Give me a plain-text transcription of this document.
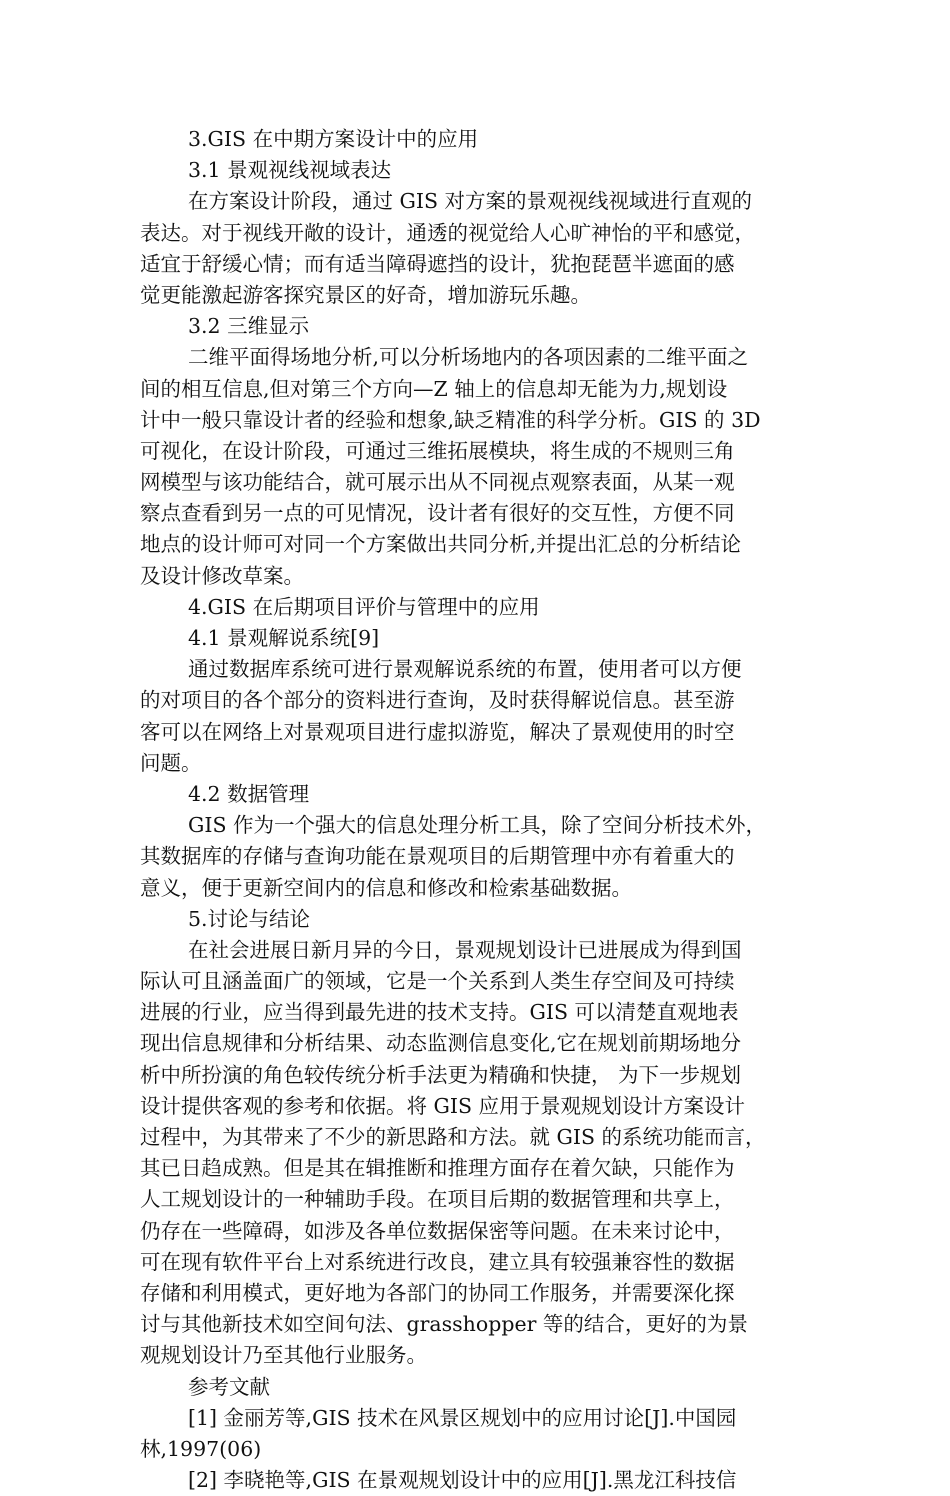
3.GIS 在中期方案设计中的应用
3.1 景观视线视域表达
在方案设计阶段，通过 GIS 对方案的景观视线视域进行直观的
表达。对于视线开敞的设计，通透的视觉给人心旷神怡的平和感觉，
适宜于舒缓心情；而有适当障碍遮挡的设计，犹抱琵琶半遮面的感
觉更能激起游客探究景区的好奇，增加游玩乐趣。
3.2 三维显示
二维平面得场地分析,可以分析场地内的各项因素的二维平面之
间的相互信息,但对第三个方向—Z 轴上的信息却无能为力,规划设
计中一般只靠设计者的经验和想象,缺乏精准的科学分析。GIS 的 3D
可视化，在设计阶段，可通过三维拓展模块，将生成的不规则三角
网模型与该功能结合，就可展示出从不同视点观察表面，从某一观
察点查看到另一点的可见情况，设计者有很好的交互性，方便不同
地点的设计师可对同一个方案做出共同分析,并提出汇总的分析结论
及设计修改草案。
4.GIS 在后期项目评价与管理中的应用
4.1 景观解说系统[9]
通过数据库系统可进行景观解说系统的布置，使用者可以方便
的对项目的各个部分的资料进行查询，及时获得解说信息。甚至游
客可以在网络上对景观项目进行虚拟游览，解决了景观使用的时空
问题。
4.2 数据管理
GIS 作为一个强大的信息处理分析工具，除了空间分析技术外，
其数据库的存储与查询功能在景观项目的后期管理中亦有着重大的
意义，便于更新空间内的信息和修改和检索基础数据。
5.讨论与结论
在社会进展日新月异的今日，景观规划设计已进展成为得到国
际认可且涵盖面广的领域，它是一个关系到人类生存空间及可持续
进展的行业，应当得到最先进的技术支持。GIS 可以清楚直观地表
现出信息规律和分析结果、动态监测信息变化,它在规划前期场地分
析中所扮演的角色较传统分析手法更为精确和快捷， 为下一步规划
设计提供客观的参考和依据。将 GIS 应用于景观规划设计方案设计
过程中，为其带来了不少的新思路和方法。就 GIS 的系统功能而言，
其已日趋成熟。但是其在辑推断和推理方面存在着欠缺，只能作为
人工规划设计的一种辅助手段。在项目后期的数据管理和共享上，
仍存在一些障碍，如涉及各单位数据保密等问题。在未来讨论中，
可在现有软件平台上对系统进行改良，建立具有较强兼容性的数据
存储和利用模式，更好地为各部门的协同工作服务，并需要深化探
讨与其他新技术如空间句法、grasshopper 等的结合，更好的为景
观规划设计乃至其他行业服务。
参考文献
[1] 金丽芳等,GIS 技术在风景区规划中的应用讨论[J].中国园
林,1997(06)
[2] 李晓艳等,GIS 在景观规划设计中的应用[J].黑龙江科技信
